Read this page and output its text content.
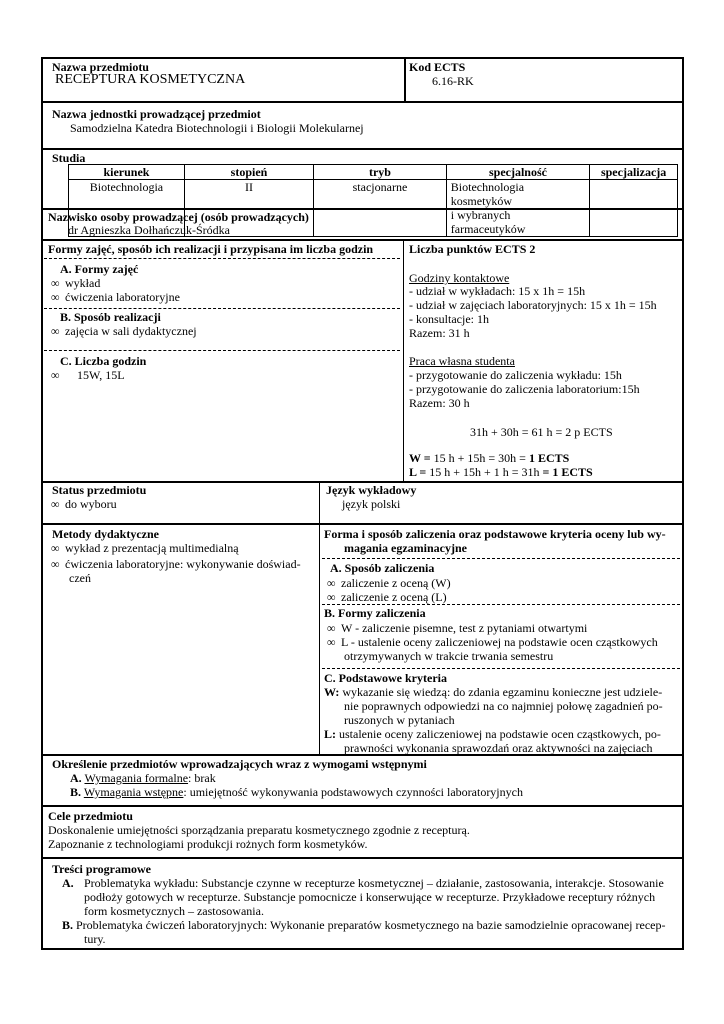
Nazwa przedmiotu
RECEPTURA KOSMETYCZNA
Kod ECTS
6.16-RK
Nazwa jednostki prowadzącej przedmiot
Samodzielna Katedra Biotechnologii i Biologii Molekularnej
Studia
kierunek	stopień	tryb	specjalność	specjalizacja
Biotechnologia	II	stacjonarne	Biotechnologia kosmetyków
i wybranych farmaceutyków	
Nazwisko osoby prowadzącej (osób prowadzących)
dr Agnieszka Dołhańczuk-Śródka
Formy zajęć, sposób ich realizacji i przypisana im liczba godzin
A. Formy zajęć
∞ wykład
∞ ćwiczenia laboratoryjne
B. Sposób realizacji
∞ zajęcia w sali dydaktycznej
C. Liczba godzin
∞ 15W, 15L
Liczba punktów ECTS 2
Godziny kontaktowe
- udział w wykładach: 15 x 1h = 15h
- udział w zajęciach laboratoryjnych: 15 x 1h = 15h
- konsultacje: 1h
Razem: 31 h
Praca własna studenta
- przygotowanie do zaliczenia wykładu: 15h
- przygotowanie do zaliczenia laboratorium:15h
Razem: 30 h
31h + 30h = 61 h = 2 p ECTS
W = 15 h + 15h = 30h = 1 ECTS
L = 15 h + 15h + 1 h = 31h = 1 ECTS
Status przedmiotu
∞ do wyboru
Język wykładowy
język polski
Metody dydaktyczne
∞ wykład z prezentacją multimedialną
∞ ćwiczenia laboratoryjne: wykonywanie doświad-
czeń
Forma i sposób zaliczenia oraz podstawowe kryteria oceny lub wy-
magania egzaminacyjne
A. Sposób zaliczenia
∞ zaliczenie z oceną (W)
∞ zaliczenie z oceną (L)
B. Formy zaliczenia
∞ W - zaliczenie pisemne, test z pytaniami otwartymi
∞ L - ustalenie oceny zaliczeniowej na podstawie ocen cząstkowych
otrzymywanych w trakcie trwania semestru
C. Podstawowe kryteria
W: wykazanie się wiedzą: do zdania egzaminu konieczne jest udziele-
nie poprawnych odpowiedzi na co najmniej połowę zagadnień po-
ruszonych w pytaniach
L: ustalenie oceny zaliczeniowej na podstawie ocen cząstkowych, po-
prawności wykonania sprawozdań oraz aktywności na zajęciach
Określenie przedmiotów wprowadzających wraz z wymogami wstępnymi
A. Wymagania formalne: brak
B. Wymagania wstępne: umiejętność wykonywania podstawowych czynności laboratoryjnych
Cele przedmiotu
Doskonalenie umiejętności sporządzania preparatu kosmetycznego zgodnie z recepturą.
Zapoznanie z technologiami produkcji rożnych form kosmetyków.
Treści programowe
A. Problematyka wykładu: Substancje czynne w recepturze kosmetycznej – działanie, zastosowania, interakcje. Stosowanie
podłoży gotowych w recepturze. Substancje pomocnicze i konserwujące w recepturze. Przykładowe receptury różnych
form kosmetycznych – zastosowania.
B. Problematyka ćwiczeń laboratoryjnych: Wykonanie preparatów kosmetycznego na bazie samodzielnie opracowanej recep-
tury.
